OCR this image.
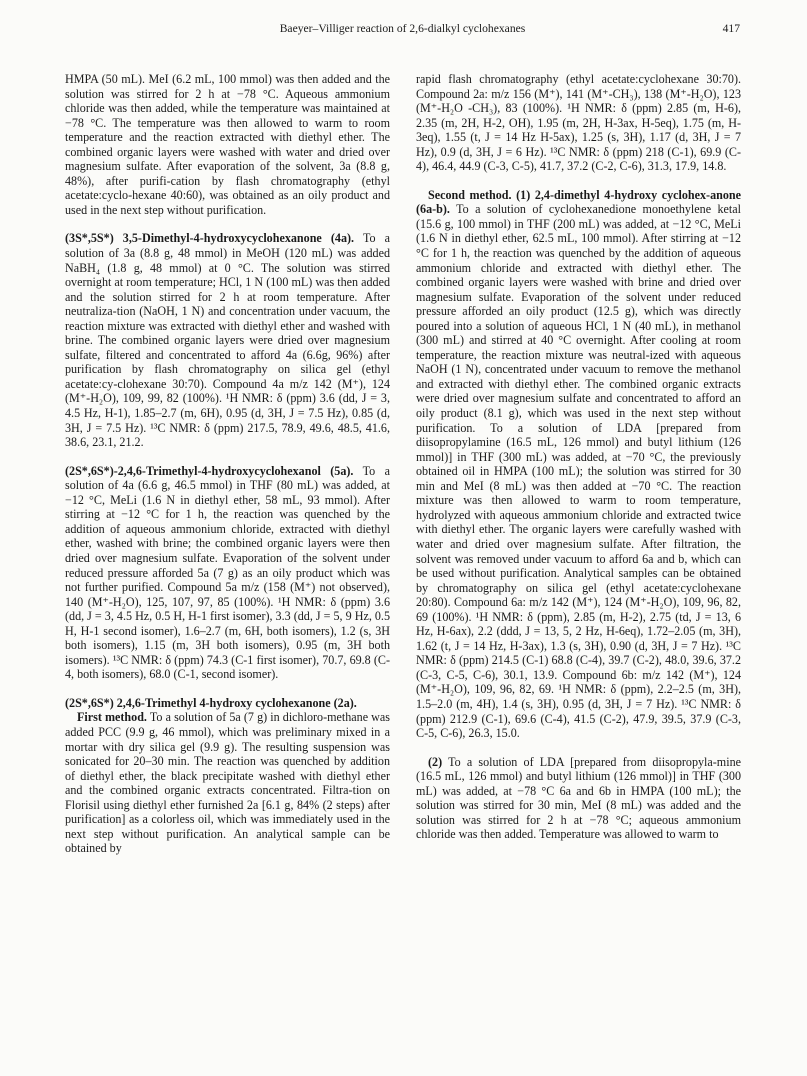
Baeyer–Villiger reaction of 2,6-dialkyl cyclohexanes	417

HMPA (50 mL). MeI (6.2 mL, 100 mmol) was then added and the solution was stirred for 2 h at −78 °C. Aqueous ammonium chloride was then added, while the temperature was maintained at −78 °C. The temperature was then allowed to warm to room temperature and the reaction extracted with diethyl ether. The combined organic layers were washed with water and dried over magnesium sulfate. After evaporation of the solvent, 3a (8.8 g, 48%), after purifi-cation by flash chromatography (ethyl acetate:cyclo-hexane 40:60), was obtained as an oily product and used in the next step without purification.

(3S*,5S*) 3,5-Dimethyl-4-hydroxycyclohexanone (4a). To a solution of 3a (8.8 g, 48 mmol) in MeOH (120 mL) was added NaBH₄ (1.8 g, 48 mmol) at 0 °C. The solution was stirred overnight at room temperature; HCl, 1 N (100 mL) was then added and the solution stirred for 2 h at room temperature. After neutraliza-tion (NaOH, 1 N) and concentration under vacuum, the reaction mixture was extracted with diethyl ether and washed with brine. The combined organic layers were dried over magnesium sulfate, filtered and concentrated to afford 4a (6.6g, 96%) after purification by flash chromatography on silica gel (ethyl acetate:cy-clohexane 30:70). Compound 4a m/z 142 (M⁺), 124 (M⁺-H₂O), 109, 99, 82 (100%). ¹H NMR: δ (ppm) 3.6 (dd, J = 3, 4.5 Hz, H-1), 1.85–2.7 (m, 6H), 0.95 (d, 3H, J = 7.5 Hz), 0.85 (d, 3H, J = 7.5 Hz). ¹³C NMR: δ (ppm) 217.5, 78.9, 49.6, 48.5, 41.6, 38.6, 23.1, 21.2.

(2S*,6S*)-2,4,6-Trimethyl-4-hydroxycyclohexanol (5a). To a solution of 4a (6.6 g, 46.5 mmol) in THF (80 mL) was added, at −12 °C, MeLi (1.6 N in diethyl ether, 58 mL, 93 mmol). After stirring at −12 °C for 1 h, the reaction was quenched by the addition of aqueous ammonium chloride, extracted with diethyl ether, washed with brine; the combined organic layers were then dried over magnesium sulfate. Evaporation of the solvent under reduced pressure afforded 5a (7 g) as an oily product which was not further purified. Compound 5a m/z (158 (M⁺) not observed), 140 (M⁺-H₂O), 125, 107, 97, 85 (100%). ¹H NMR: δ (ppm) 3.6 (dd, J = 3, 4.5 Hz, 0.5 H, H-1 first isomer), 3.3 (dd, J = 5, 9 Hz, 0.5 H, H-1 second isomer), 1.6–2.7 (m, 6H, both isomers), 1.2 (s, 3H both isomers), 1.15 (m, 3H both isomers), 0.95 (m, 3H both isomers). ¹³C NMR: δ (ppm) 74.3 (C-1 first isomer), 70.7, 69.8 (C-4, both isomers), 68.0 (C-1, second isomer).

(2S*,6S*) 2,4,6-Trimethyl 4-hydroxy cyclohexanone (2a).

First method. To a solution of 5a (7 g) in dichloro-methane was added PCC (9.9 g, 46 mmol), which was preliminary mixed in a mortar with dry silica gel (9.9 g). The resulting suspension was sonicated for 20–30 min. The reaction was quenched by addition of diethyl ether, the black precipitate washed with diethyl ether and the combined organic extracts concentrated. Filtra-tion on Florisil using diethyl ether furnished 2a [6.1 g, 84% (2 steps) after purification] as a colorless oil, which was immediately used in the next step without purification. An analytical sample can be obtained by

rapid flash chromatography (ethyl acetate:cyclohexane 30:70). Compound 2a: m/z 156 (M⁺), 141 (M⁺-CH₃), 138 (M⁺-H₂O), 123 (M⁺-H₂O -CH₃), 83 (100%). ¹H NMR: δ (ppm) 2.85 (m, H-6), 2.35 (m, 2H, H-2, OH), 1.95 (m, 2H, H-3ax, H-5eq), 1.75 (m, H-3eq), 1.55 (t, J = 14 Hz H-5ax), 1.25 (s, 3H), 1.17 (d, 3H, J = 7 Hz), 0.9 (d, 3H, J = 6 Hz). ¹³C NMR: δ (ppm) 218 (C-1), 69.9 (C-4), 46.4, 44.9 (C-3, C-5), 41.7, 37.2 (C-2, C-6), 31.3, 17.9, 14.8.

Second method. (1) 2,4-dimethyl 4-hydroxy cyclohex-anone (6a-b). To a solution of cyclohexanedione monoethylene ketal (15.6 g, 100 mmol) in THF (200 mL) was added, at −12 °C, MeLi (1.6 N in diethyl ether, 62.5 mL, 100 mmol). After stirring at −12 °C for 1 h, the reaction was quenched by the addition of aqueous ammonium chloride and extracted with diethyl ether. The combined organic layers were washed with brine and dried over magnesium sulfate. Evaporation of the solvent under reduced pressure afforded an oily product (12.5 g), which was directly poured into a solution of aqueous HCl, 1 N (40 mL), in methanol (300 mL) and stirred at 40 °C overnight. After cooling at room temperature, the reaction mixture was neutral-ized with aqueous NaOH (1 N), concentrated under vacuum to remove the methanol and extracted with diethyl ether. The combined organic extracts were dried over magnesium sulfate and concentrated to afford an oily product (8.1 g), which was used in the next step without purification. To a solution of LDA [prepared from diisopropylamine (16.5 mL, 126 mmol) and butyl lithium (126 mmol)] in THF (300 mL) was added, at −70 °C, the previously obtained oil in HMPA (100 mL); the solution was stirred for 30 min and MeI (8 mL) was then added at −70 °C. The reaction mixture was then allowed to warm to room temperature, hydrolyzed with aqueous ammonium chloride and extracted twice with diethyl ether. The organic layers were carefully washed with water and dried over magnesium sulfate. After filtration, the solvent was removed under vacuum to afford 6a and b, which can be used without purification. Analytical samples can be obtained by chromatography on silica gel (ethyl acetate:cyclohexane 20:80). Compound 6a: m/z 142 (M⁺), 124 (M⁺-H₂O), 109, 96, 82, 69 (100%). ¹H NMR: δ (ppm), 2.85 (m, H-2), 2.75 (td, J = 13, 6 Hz, H-6ax), 2.2 (ddd, J = 13, 5, 2 Hz, H-6eq), 1.72–2.05 (m, 3H), 1.62 (t, J = 14 Hz, H-3ax), 1.3 (s, 3H), 0.90 (d, 3H, J = 7 Hz). ¹³C NMR: δ (ppm) 214.5 (C-1) 68.8 (C-4), 39.7 (C-2), 48.0, 39.6, 37.2 (C-3, C-5, C-6), 30.1, 13.9. Compound 6b: m/z 142 (M⁺), 124 (M⁺-H₂O), 109, 96, 82, 69. ¹H NMR: δ (ppm), 2.2–2.5 (m, 3H), 1.5–2.0 (m, 4H), 1.4 (s, 3H), 0.95 (d, 3H, J = 7 Hz). ¹³C NMR: δ (ppm) 212.9 (C-1), 69.6 (C-4), 41.5 (C-2), 47.9, 39.5, 37.9 (C-3, C-5, C-6), 26.3, 15.0.

(2) To a solution of LDA [prepared from diisopropyla-mine (16.5 mL, 126 mmol) and butyl lithium (126 mmol)] in THF (300 mL) was added, at −78 °C 6a and 6b in HMPA (100 mL); the solution was stirred for 30 min, MeI (8 mL) was added and the solution was stirred for 2 h at −78 °C; aqueous ammonium chloride was then added. Temperature was allowed to warm to
